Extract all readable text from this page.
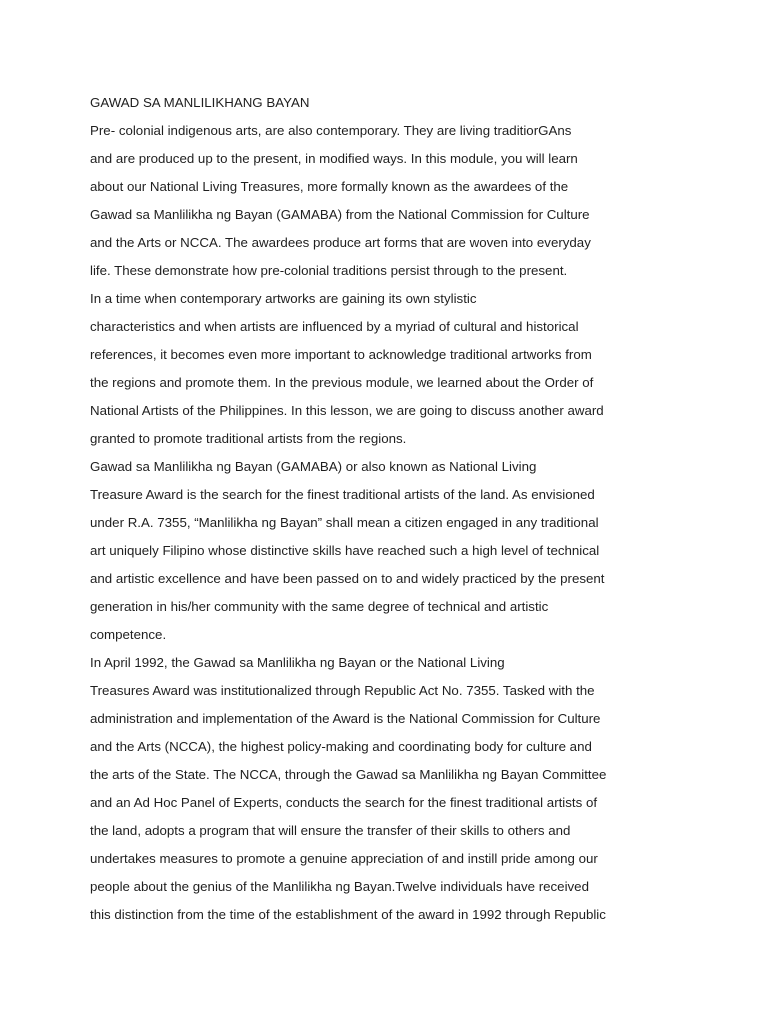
GAWAD SA MANLILIKHANG BAYAN
Pre- colonial indigenous arts, are also contemporary. They are living traditiorGAns
and are produced up to the present, in modified ways. In this module, you will learn
about our National Living Treasures, more formally known as the awardees of the
Gawad sa Manlilikha ng Bayan (GAMABA) from the National Commission for Culture
and the Arts or NCCA. The awardees produce art forms that are woven into everyday
life. These demonstrate how pre-colonial traditions persist through to the present.
In a time when contemporary artworks are gaining its own stylistic
characteristics and when artists are influenced by a myriad of cultural and historical
references, it becomes even more important to acknowledge traditional artworks from
the regions and promote them. In the previous module, we learned about the Order of
National Artists of the Philippines. In this lesson, we are going to discuss another award
granted to promote traditional artists from the regions.
Gawad sa Manlilikha ng Bayan (GAMABA) or also known as National Living
Treasure Award is the search for the finest traditional artists of the land. As envisioned
under R.A. 7355, “Manlilikha ng Bayan” shall mean a citizen engaged in any traditional
art uniquely Filipino whose distinctive skills have reached such a high level of technical
and artistic excellence and have been passed on to and widely practiced by the present
generation in his/her community with the same degree of technical and artistic
competence.
In April 1992, the Gawad sa Manlilikha ng Bayan or the National Living
Treasures Award was institutionalized through Republic Act No. 7355. Tasked with the
administration and implementation of the Award is the National Commission for Culture
and the Arts (NCCA), the highest policy-making and coordinating body for culture and
the arts of the State. The NCCA, through the Gawad sa Manlilikha ng Bayan Committee
and an Ad Hoc Panel of Experts, conducts the search for the finest traditional artists of
the land, adopts a program that will ensure the transfer of their skills to others and
undertakes measures to promote a genuine appreciation of and instill pride among our
people about the genius of the Manlilikha ng Bayan.Twelve individuals have received
this distinction from the time of the establishment of the award in 1992 through Republic
